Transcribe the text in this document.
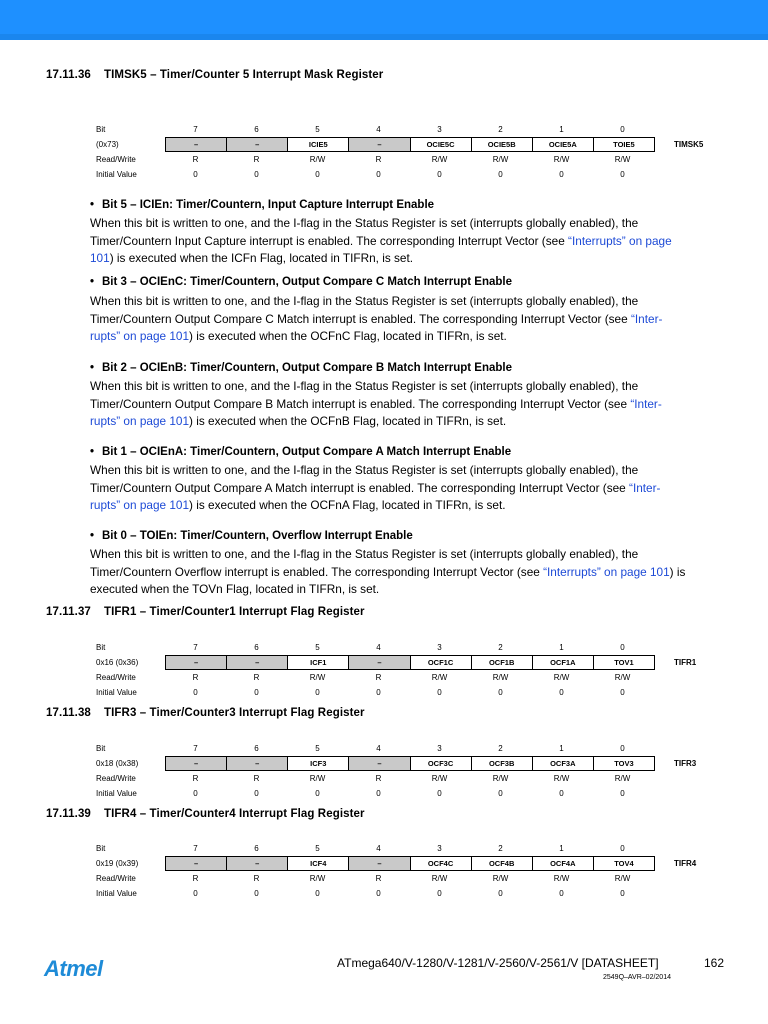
17.11.36 TIMSK5 – Timer/Counter 5 Interrupt Mask Register
Bit	7	6	5	4	3	2	1	0
(0x73)	–	–	ICIE5	–	OCIE5C	OCIE5B	OCIE5A	TOIE5	TIMSK5
Read/Write	R	R	R/W	R	R/W	R/W	R/W	R/W
Initial Value	0	0	0	0	0	0	0	0
• Bit 5 – ICIEn: Timer/Countern, Input Capture Interrupt Enable
When this bit is written to one, and the I-flag in the Status Register is set (interrupts globally enabled), the
Timer/Countern Input Capture interrupt is enabled. The corresponding Interrupt Vector (see “Interrupts” on page
101) is executed when the ICFn Flag, located in TIFRn, is set.
• Bit 3 – OCIEnC: Timer/Countern, Output Compare C Match Interrupt Enable
When this bit is written to one, and the I-flag in the Status Register is set (interrupts globally enabled), the
Timer/Countern Output Compare C Match interrupt is enabled. The corresponding Interrupt Vector (see “Inter-
rupts” on page 101) is executed when the OCFnC Flag, located in TIFRn, is set.
• Bit 2 – OCIEnB: Timer/Countern, Output Compare B Match Interrupt Enable
When this bit is written to one, and the I-flag in the Status Register is set (interrupts globally enabled), the
Timer/Countern Output Compare B Match interrupt is enabled. The corresponding Interrupt Vector (see “Inter-
rupts” on page 101) is executed when the OCFnB Flag, located in TIFRn, is set.
• Bit 1 – OCIEnA: Timer/Countern, Output Compare A Match Interrupt Enable
When this bit is written to one, and the I-flag in the Status Register is set (interrupts globally enabled), the
Timer/Countern Output Compare A Match interrupt is enabled. The corresponding Interrupt Vector (see “Inter-
rupts” on page 101) is executed when the OCFnA Flag, located in TIFRn, is set.
• Bit 0 – TOIEn: Timer/Countern, Overflow Interrupt Enable
When this bit is written to one, and the I-flag in the Status Register is set (interrupts globally enabled), the
Timer/Countern Overflow interrupt is enabled. The corresponding Interrupt Vector (see “Interrupts” on page 101) is
executed when the TOVn Flag, located in TIFRn, is set.
17.11.37 TIFR1 – Timer/Counter1 Interrupt Flag Register
Bit	7	6	5	4	3	2	1	0
0x16 (0x36)	–	–	ICF1	–	OCF1C	OCF1B	OCF1A	TOV1	TIFR1
Read/Write	R	R	R/W	R	R/W	R/W	R/W	R/W
Initial Value	0	0	0	0	0	0	0	0
17.11.38 TIFR3 – Timer/Counter3 Interrupt Flag Register
Bit	7	6	5	4	3	2	1	0
0x18 (0x38)	–	–	ICF3	–	OCF3C	OCF3B	OCF3A	TOV3	TIFR3
Read/Write	R	R	R/W	R	R/W	R/W	R/W	R/W
Initial Value	0	0	0	0	0	0	0	0
17.11.39 TIFR4 – Timer/Counter4 Interrupt Flag Register
Bit	7	6	5	4	3	2	1	0
0x19 (0x39)	–	–	ICF4	–	OCF4C	OCF4B	OCF4A	TOV4	TIFR4
Read/Write	R	R	R/W	R	R/W	R/W	R/W	R/W
Initial Value	0	0	0	0	0	0	0	0
Atmel	ATmega640/V-1280/V-1281/V-2560/V-2561/V [DATASHEET]	162
2549Q–AVR–02/2014
